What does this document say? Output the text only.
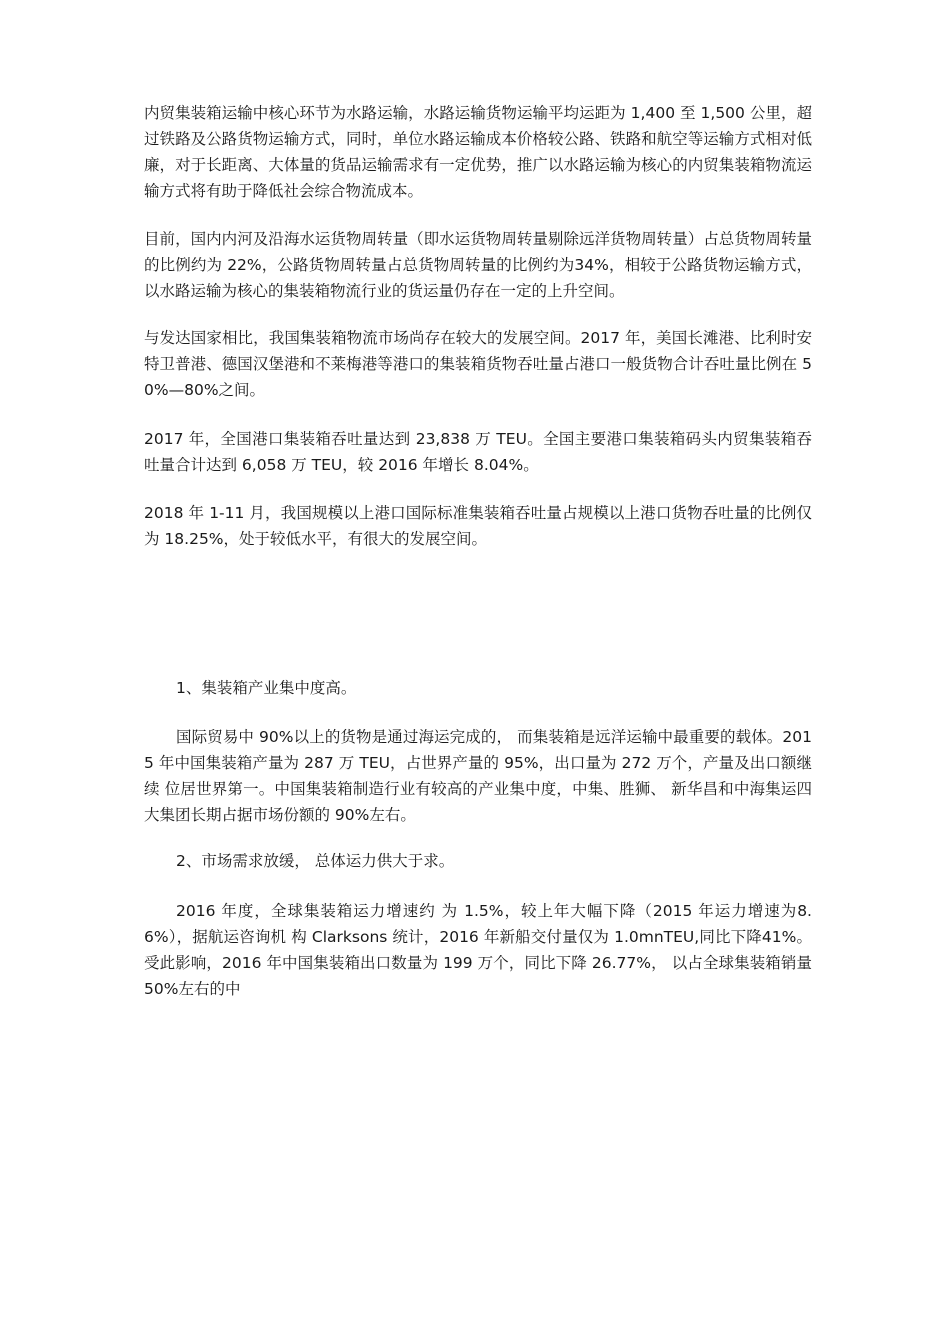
内贸集装箱运输中核心环节为水路运输，水路运输货物运输平均运距为 1,400 至 1,500 公里，超过铁路及公路货物运输方式，同时，单位水路运输成本价格较公路、铁路和航空等运输方式相对低廉，对于长距离、大体量的货品运输需求有一定优势，推广以水路运输为核心的内贸集装箱物流运输方式将有助于降低社会综合物流成本。

目前，国内内河及沿海水运货物周转量（即水运货物周转量剔除远洋货物周转量）占总货物周转量的比例约为 22%，公路货物周转量占总货物周转量的比例约为34%，相较于公路货物运输方式，以水路运输为核心的集装箱物流行业的货运量仍存在一定的上升空间。

与发达国家相比，我国集装箱物流市场尚存在较大的发展空间。2017 年，美国长滩港、比利时安特卫普港、德国汉堡港和不莱梅港等港口的集装箱货物吞吐量占港口一般货物合计吞吐量比例在 50%—80%之间。

2017 年，全国港口集装箱吞吐量达到 23,838 万 TEU。全国主要港口集装箱码头内贸集装箱吞吐量合计达到 6,058 万 TEU，较 2016 年增长 8.04%。

2018 年 1-11 月，我国规模以上港口国际标准集装箱吞吐量占规模以上港口货物吞吐量的比例仅为 18.25%，处于较低水平，有很大的发展空间。

1、集装箱产业集中度高。

国际贸易中 90%以上的货物是通过海运完成的， 而集装箱是远洋运输中最重要的载体。2015 年中国集装箱产量为 287 万 TEU，占世界产量的 95%，出口量为 272 万个，产量及出口额继续 位居世界第一。中国集装箱制造行业有较高的产业集中度，中集、胜狮、 新华昌和中海集运四大集团长期占据市场份额的 90%左右。

2、市场需求放缓， 总体运力供大于求。

2016 年度，全球集装箱运力增速约 为 1.5%，较上年大幅下降（2015 年运力增速为8.6%），据航运咨询机 构 Clarksons 统计，2016 年新船交付量仅为 1.0mnTEU,同比下降41%。受此影响，2016 年中国集装箱出口数量为 199 万个，同比下降 26.77%， 以占全球集装箱销量 50%左右的中
